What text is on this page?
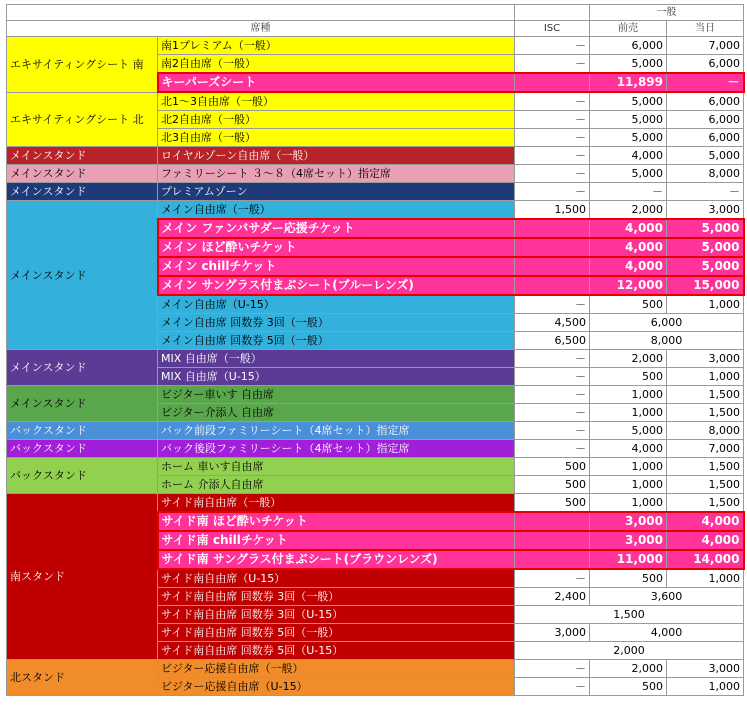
			一般	
席種		ISC	前売	当日
エキサイティングシート 南	南1プレミアム（一般）	－	6,000	7,000
	南2自由席（一般）	－	5,000	6,000
	キーパーズシート		11,899	－
エキサイティングシート 北	北1～3自由席（一般）	－	5,000	6,000
	北2自由席（一般）	－	5,000	6,000
	北3自由席（一般）	－	5,000	6,000
メインスタンド	ロイヤルゾーン自由席（一般）	－	4,000	5,000
メインスタンド	ファミリーシート ３～８（4席セット）指定席	－	5,000	8,000
メインスタンド	プレミアムゾーン	－	－	－
メインスタンド	メイン自由席（一般）	1,500	2,000	3,000
	メイン ファンバサダー応援チケット		4,000	5,000
	メイン ほど酔いチケット		4,000	5,000
	メイン chillチケット		4,000	5,000
	メイン サングラス付まぶシート(ブルーレンズ)		12,000	15,000
	メイン自由席（U-15）	－	500	1,000
	メイン自由席 回数券 3回（一般）	4,500	6,000	
	メイン自由席 回数券 5回（一般）	6,500	8,000	
メインスタンド	MIX 自由席（一般）	－	2,000	3,000
	MIX 自由席（U-15）	－	500	1,000
メインスタンド	ビジター車いす 自由席	－	1,000	1,500
	ビジター介添人 自由席	－	1,000	1,500
バックスタンド	バック前段ファミリーシート（4席セット）指定席	－	5,000	8,000
バックスタンド	バック後段ファミリーシート（4席セット）指定席	－	4,000	7,000
バックスタンド	ホーム 車いす自由席	500	1,000	1,500
	ホーム 介添人自由席	500	1,000	1,500
南スタンド	サイド南自由席（一般）	500	1,000	1,500
	サイド南 ほど酔いチケット		3,000	4,000
	サイド南 chillチケット		3,000	4,000
	サイド南 サングラス付まぶシート(ブラウンレンズ)		11,000	14,000
	サイド南自由席（U-15）	－	500	1,000
	サイド南自由席 回数券 3回（一般）	2,400	3,600	
	サイド南自由席 回数券 3回（U-15）	1,500		
	サイド南自由席 回数券 5回（一般）	3,000	4,000	
	サイド南自由席 回数券 5回（U-15）	2,000		
北スタンド	ビジター応援自由席（一般）	－	2,000	3,000
	ビジター応援自由席（U-15）	－	500	1,000
